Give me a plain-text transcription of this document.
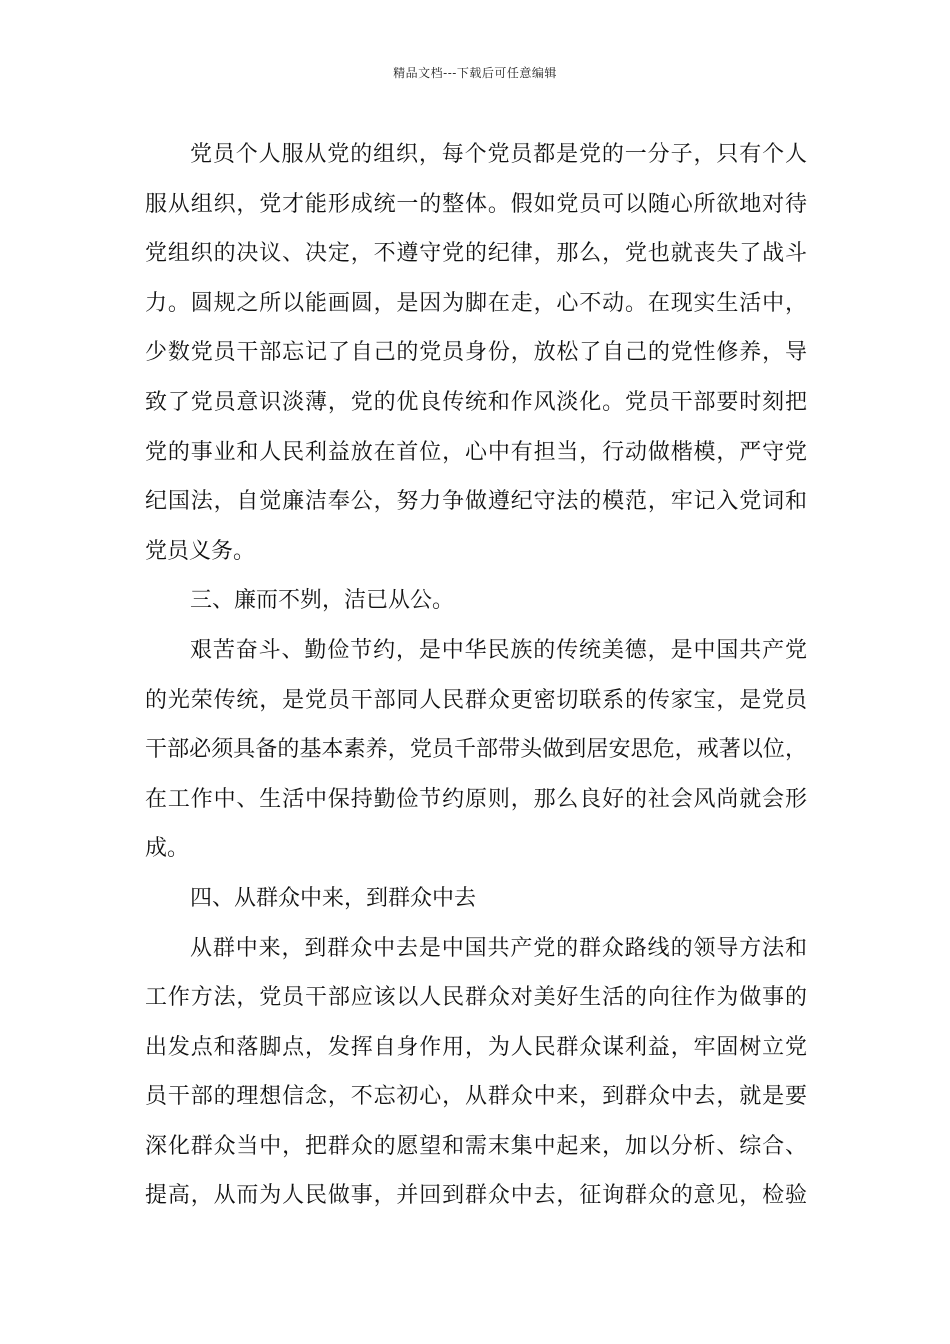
精品文档---下载后可任意编辑
党员个人服从党的组织，每个党员都是党的一分子，只有个人
服从组织，党才能形成统一的整体。假如党员可以随心所欲地对待
党组织的决议、决定，不遵守党的纪律，那么，党也就丧失了战斗
力。圆规之所以能画圆，是因为脚在走，心不动。在现实生活中，
少数党员干部忘记了自己的党员身份，放松了自己的党性修养，导
致了党员意识淡薄，党的优良传统和作风淡化。党员干部要时刻把
党的事业和人民利益放在首位，心中有担当，行动做楷模，严守党
纪国法，自觉廉洁奉公，努力争做遵纪守法的模范，牢记入党词和
党员义务。
三、廉而不刿，洁已从公。
艰苦奋斗、勤俭节约，是中华民族的传统美德，是中国共产党
的光荣传统，是党员干部同人民群众更密切联系的传家宝，是党员
干部必须具备的基本素养，党员千部带头做到居安思危，戒著以位，
在工作中、生活中保持勤俭节约原则，那么良好的社会风尚就会形
成。
四、从群众中来，到群众中去
从群中来，到群众中去是中国共产党的群众路线的领导方法和
工作方法，党员干部应该以人民群众对美好生活的向往作为做事的
出发点和落脚点，发挥自身作用，为人民群众谋利益，牢固树立党
员干部的理想信念，不忘初心，从群众中来，到群众中去，就是要
深化群众当中，把群众的愿望和需末集中起来，加以分析、综合、
提高，从而为人民做事，并回到群众中去，征询群众的意见，检验
